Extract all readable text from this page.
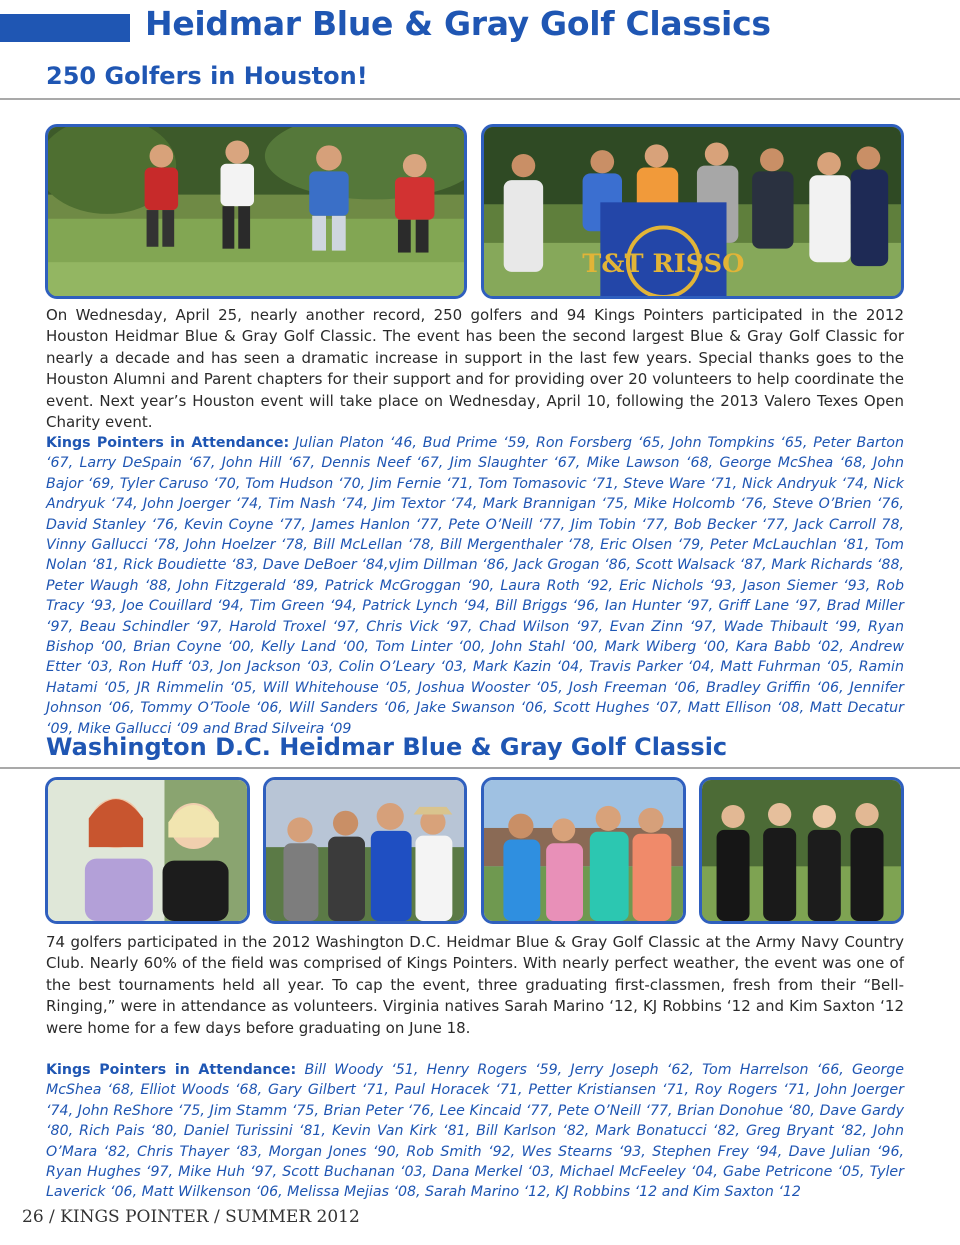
Heidmar Blue & Gray Golf Classics
250 Golfers in Houston!
T&T RISSO
On Wednesday, April 25, nearly another record, 250 golfers and 94 Kings Pointers participated in the 2012 Houston Heidmar Blue & Gray Golf Classic. The event has been the second largest Blue & Gray Golf Classic for nearly a decade and has seen a dramatic increase in support in the last few years. Special thanks goes to the Houston Alumni and Parent chapters for their support and for providing over 20 volunteers to help coordinate the event. Next year’s Houston event will take place on Wednesday, April 10, following the 2013 Valero Texes Open Charity event.
Kings Pointers in Attendance: Julian Platon ‘46, Bud Prime ‘59, Ron Forsberg ‘65, John Tompkins ‘65, Peter Barton ‘67, Larry DeSpain ‘67, John Hill ‘67, Dennis Neef ‘67, Jim Slaughter ‘67, Mike Lawson ‘68, George McShea ‘68, John Bajor ‘69, Tyler Caruso ‘70, Tom Hudson ‘70, Jim Fernie ‘71, Tom Tomasovic ‘71, Steve Ware ‘71, Nick Andryuk ‘74, Nick Andryuk ‘74, John Joerger ‘74, Tim Nash ‘74, Jim Textor ‘74, Mark Brannigan ‘75, Mike Holcomb ‘76, Steve O’Brien ‘76, David Stanley ‘76, Kevin Coyne ‘77, James Hanlon ‘77, Pete O’Neill ‘77, Jim Tobin ‘77, Bob Becker ‘77, Jack Carroll 78, Vinny Gallucci ‘78, John Hoelzer ‘78, Bill McLellan ‘78, Bill Mergenthaler ‘78, Eric Olsen ‘79, Peter McLauchlan ‘81, Tom Nolan ‘81, Rick Boudiette ‘83, Dave DeBoer ‘84,vJim Dillman ‘86, Jack Grogan ‘86, Scott Walsack ‘87, Mark Richards ‘88, Peter Waugh ‘88, John Fitzgerald ‘89, Patrick McGroggan ‘90, Laura Roth ‘92, Eric Nichols ‘93, Jason Siemer ‘93, Rob Tracy ‘93, Joe Couillard ‘94, Tim Green ‘94, Patrick Lynch ‘94, Bill Briggs ‘96, Ian Hunter ‘97, Griff Lane ‘97, Brad Miller ‘97, Beau Schindler ‘97, Harold Troxel ‘97, Chris Vick ‘97, Chad Wilson ‘97, Evan Zinn ‘97, Wade Thibault ‘99, Ryan Bishop ‘00, Brian Coyne ‘00, Kelly Land ‘00, Tom Linter ‘00, John Stahl ‘00, Mark Wiberg ‘00, Kara Babb ‘02, Andrew Etter ‘03, Ron Huff ‘03, Jon Jackson ‘03, Colin O’Leary ‘03, Mark Kazin ‘04, Travis Parker ‘04, Matt Fuhrman ‘05, Ramin Hatami ‘05, JR Rimmelin ‘05, Will Whitehouse ‘05, Joshua Wooster ‘05, Josh Freeman ‘06, Bradley Griffin ‘06, Jennifer Johnson ‘06, Tommy O’Toole ‘06, Will Sanders ‘06, Jake Swanson ‘06, Scott Hughes ‘07, Matt Ellison ‘08, Matt Decatur ‘09, Mike Gallucci ‘09 and Brad Silveira ‘09
Washington D.C. Heidmar Blue & Gray Golf Classic
74 golfers participated in the 2012 Washington D.C. Heidmar Blue & Gray Golf Classic at the Army Navy Country Club. Nearly 60% of the field was comprised of Kings Pointers. With nearly perfect weather, the event was one of the best tournaments held all year. To cap the event, three graduating first-classmen, fresh from their “Bell-Ringing,” were in attendance as volunteers. Virginia natives Sarah Marino ‘12, KJ Robbins ‘12 and Kim Saxton ‘12 were home for a few days before graduating on June 18.
Kings Pointers in Attendance: Bill Woody ‘51, Henry Rogers ‘59, Jerry Joseph ‘62, Tom Harrelson ‘66, George McShea ‘68, Elliot Woods ‘68, Gary Gilbert ‘71, Paul Horacek ‘71, Petter Kristiansen ‘71, Roy Rogers ‘71, John Joerger ‘74, John ReShore ‘75, Jim Stamm ‘75, Brian Peter ‘76, Lee Kincaid ‘77, Pete O’Neill ‘77, Brian Donohue ‘80, Dave Gardy ‘80, Rich Pais ‘80, Daniel Turissini ‘81, Kevin Van Kirk ‘81, Bill Karlson ‘82, Mark Bonatucci ‘82, Greg Bryant ‘82, John O’Mara ‘82, Chris Thayer ‘83, Morgan Jones ‘90, Rob Smith ‘92, Wes Stearns ‘93, Stephen Frey ‘94, Dave Julian ‘96, Ryan Hughes ‘97, Mike Huh ‘97, Scott Buchanan ‘03, Dana Merkel ‘03, Michael McFeeley ‘04, Gabe Petricone ‘05, Tyler Laverick ‘06, Matt Wilkenson ‘06, Melissa Mejias ‘08, Sarah Marino ‘12, KJ Robbins ‘12 and Kim Saxton ‘12
26 / KINGS POINTER / SUMMER 2012
